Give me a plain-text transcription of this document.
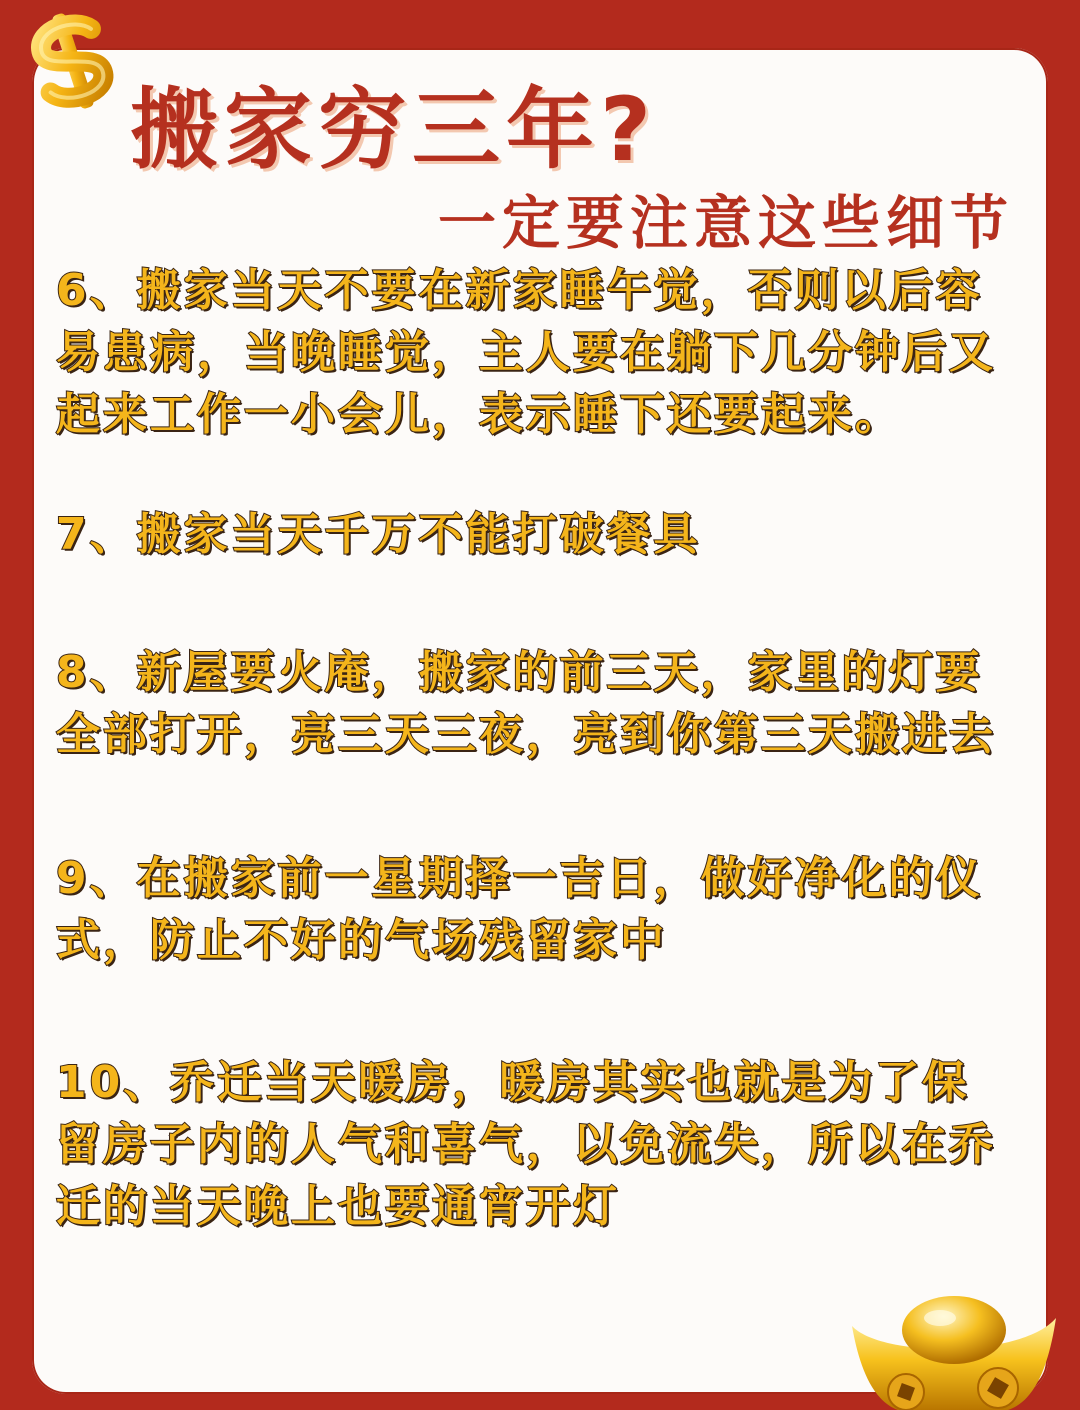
搬家穷三年?
一定要注意这些细节

6、搬家当天不要在新家睡午觉，否则以后容易患病，当晚睡觉，主人要在躺下几分钟后又起来工作一小会儿，表示睡下还要起来。

7、搬家当天千万不能打破餐具

8、新屋要火庵，搬家的前三天，家里的灯要全部打开，亮三天三夜，亮到你第三天搬进去

9、在搬家前一星期择一吉日，做好净化的仪式，防止不好的气场残留家中

10、乔迁当天暖房，暖房其实也就是为了保留房子内的人气和喜气，以免流失，所以在乔迁的当天晚上也要通宵开灯
